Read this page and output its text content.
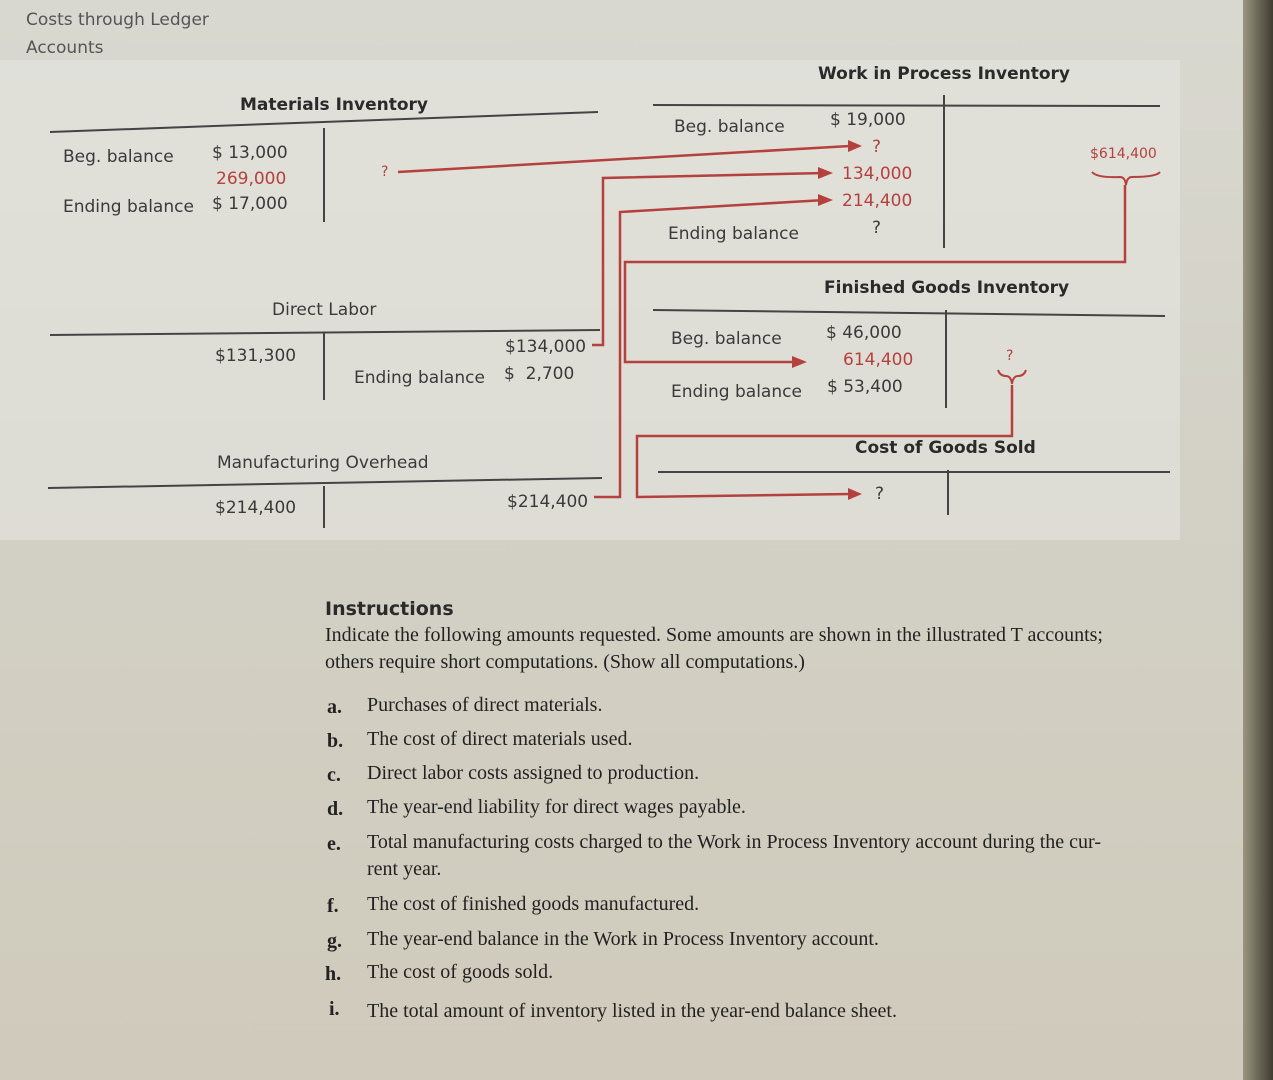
Costs through Ledger
Accounts
Materials Inventory
Beg. balance $ 13,000
269,000
Ending balance $ 17,000
?
Direct Labor
$131,300	$134,000
Ending balance $  2,700
Manufacturing Overhead
$214,400	$214,400
Work in Process Inventory
Beg. balance	$ 19,000
?
134,000
214,400
Ending balance	?
$614,400
Finished Goods Inventory
Beg. balance	$ 46,000
614,400
Ending balance $ 53,400
?
Cost of Goods Sold
?
Instructions
Indicate the following amounts requested. Some amounts are shown in the illustrated T accounts;
others require short computations. (Show all computations.)
a. Purchases of direct materials.
b. The cost of direct materials used.
c. Direct labor costs assigned to production.
d. The year-end liability for direct wages payable.
e. Total manufacturing costs charged to the Work in Process Inventory account during the cur-
rent year.
f. The cost of finished goods manufactured.
g. The year-end balance in the Work in Process Inventory account.
h. The cost of goods sold.
i. The total amount of inventory listed in the year-end balance sheet.
